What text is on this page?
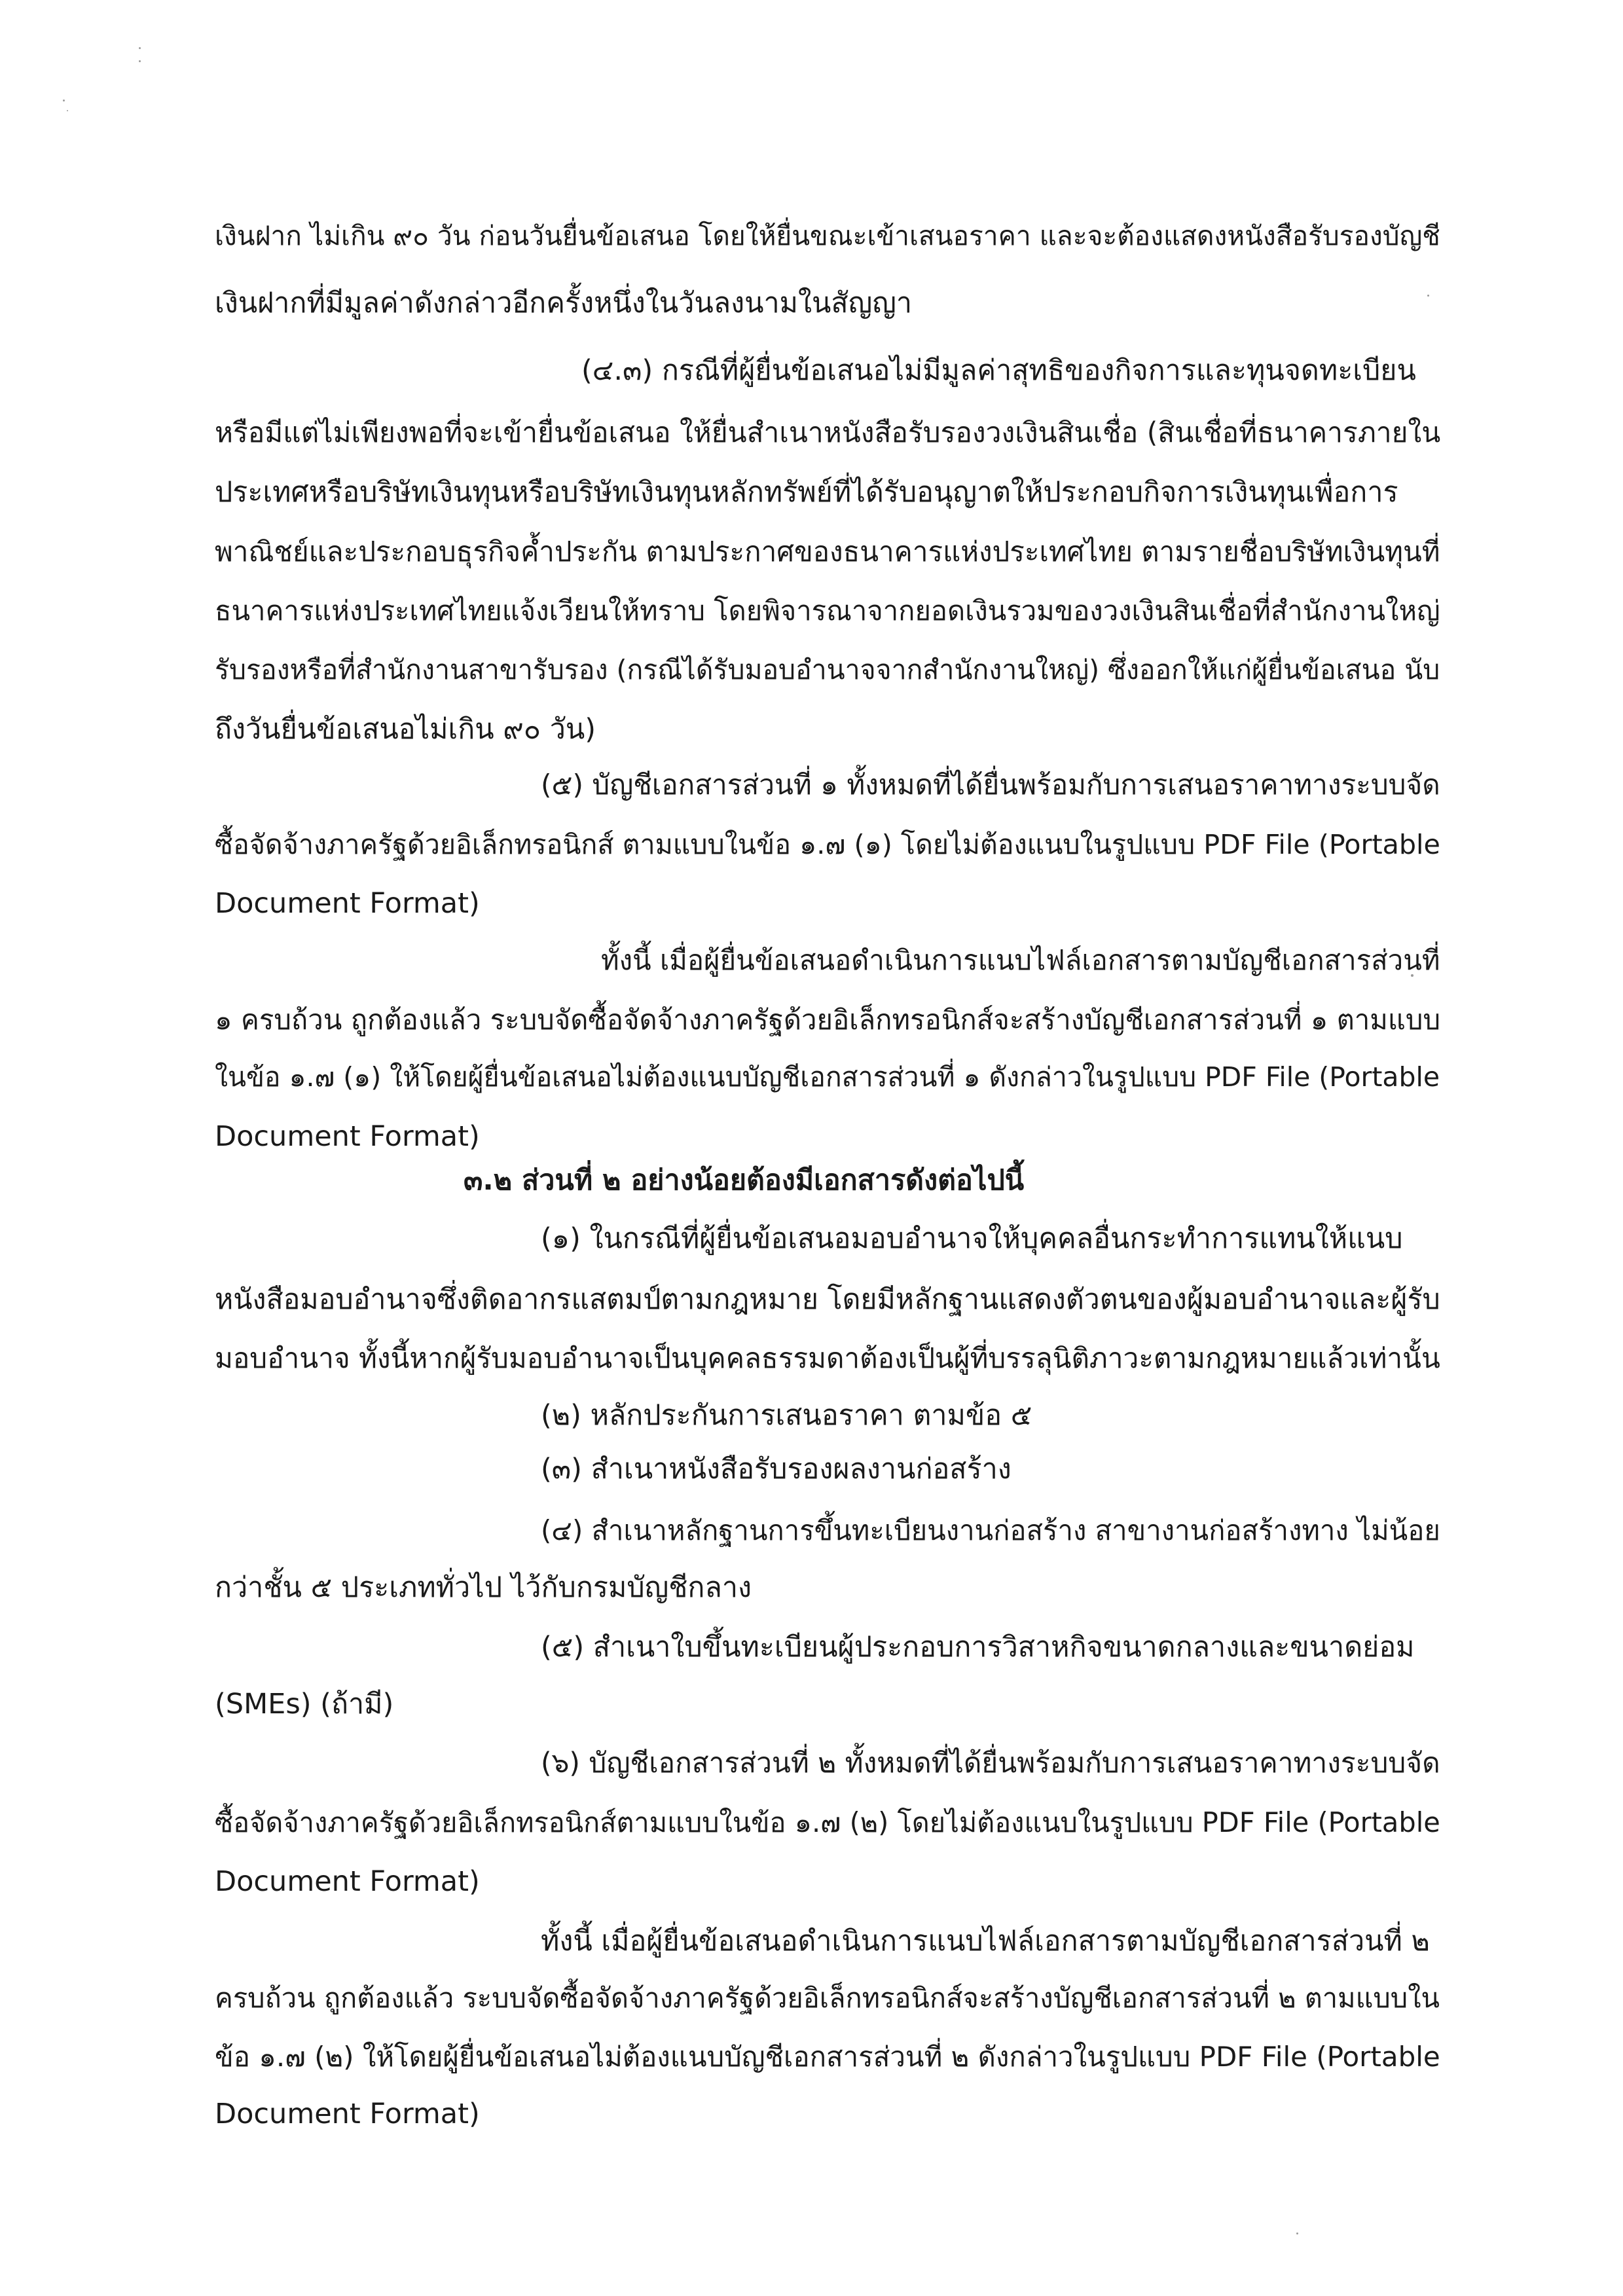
เงินฝาก ไม่เกิน ๙๐ วัน ก่อนวันยื่นข้อเสนอ โดยให้ยื่นขณะเข้าเสนอราคา และจะต้องแสดงหนังสือรับรองบัญชี
เงินฝากที่มีมูลค่าดังกล่าวอีกครั้งหนึ่งในวันลงนามในสัญญา
(๔.๓) กรณีที่ผู้ยื่นข้อเสนอไม่มีมูลค่าสุทธิของกิจการและทุนจดทะเบียน
หรือมีแต่ไม่เพียงพอที่จะเข้ายื่นข้อเสนอ ให้ยื่นสำเนาหนังสือรับรองวงเงินสินเชื่อ (สินเชื่อที่ธนาคารภายใน
ประเทศหรือบริษัทเงินทุนหรือบริษัทเงินทุนหลักทรัพย์ที่ได้รับอนุญาตให้ประกอบกิจการเงินทุนเพื่อการ
พาณิชย์และประกอบธุรกิจค้ำประกัน ตามประกาศของธนาคารแห่งประเทศไทย ตามรายชื่อบริษัทเงินทุนที่
ธนาคารแห่งประเทศไทยแจ้งเวียนให้ทราบ โดยพิจารณาจากยอดเงินรวมของวงเงินสินเชื่อที่สำนักงานใหญ่
รับรองหรือที่สำนักงานสาขารับรอง (กรณีได้รับมอบอำนาจจากสำนักงานใหญ่) ซึ่งออกให้แก่ผู้ยื่นข้อเสนอ นับ
ถึงวันยื่นข้อเสนอไม่เกิน ๙๐ วัน)
(๕) บัญชีเอกสารส่วนที่ ๑ ทั้งหมดที่ได้ยื่นพร้อมกับการเสนอราคาทางระบบจัด
ซื้อจัดจ้างภาครัฐด้วยอิเล็กทรอนิกส์ ตามแบบในข้อ ๑.๗ (๑) โดยไม่ต้องแนบในรูปแบบ PDF File (Portable
Document Format)
ทั้งนี้ เมื่อผู้ยื่นข้อเสนอดำเนินการแนบไฟล์เอกสารตามบัญชีเอกสารส่วนที่
๑ ครบถ้วน ถูกต้องแล้ว ระบบจัดซื้อจัดจ้างภาครัฐด้วยอิเล็กทรอนิกส์จะสร้างบัญชีเอกสารส่วนที่ ๑ ตามแบบ
ในข้อ ๑.๗ (๑) ให้โดยผู้ยื่นข้อเสนอไม่ต้องแนบบัญชีเอกสารส่วนที่ ๑ ดังกล่าวในรูปแบบ PDF File (Portable
Document Format)
๓.๒ ส่วนที่ ๒ อย่างน้อยต้องมีเอกสารดังต่อไปนี้
(๑) ในกรณีที่ผู้ยื่นข้อเสนอมอบอำนาจให้บุคคลอื่นกระทำการแทนให้แนบ
หนังสือมอบอำนาจซึ่งติดอากรแสตมป์ตามกฎหมาย โดยมีหลักฐานแสดงตัวตนของผู้มอบอำนาจและผู้รับ
มอบอำนาจ ทั้งนี้หากผู้รับมอบอำนาจเป็นบุคคลธรรมดาต้องเป็นผู้ที่บรรลุนิติภาวะตามกฎหมายแล้วเท่านั้น
(๒) หลักประกันการเสนอราคา ตามข้อ ๕
(๓) สำเนาหนังสือรับรองผลงานก่อสร้าง
(๔) สำเนาหลักฐานการขึ้นทะเบียนงานก่อสร้าง สาขางานก่อสร้างทาง ไม่น้อย
กว่าชั้น ๕ ประเภททั่วไป ไว้กับกรมบัญชีกลาง
(๕) สำเนาใบขึ้นทะเบียนผู้ประกอบการวิสาหกิจขนาดกลางและขนาดย่อม
(SMEs) (ถ้ามี)
(๖) บัญชีเอกสารส่วนที่ ๒ ทั้งหมดที่ได้ยื่นพร้อมกับการเสนอราคาทางระบบจัด
ซื้อจัดจ้างภาครัฐด้วยอิเล็กทรอนิกส์ตามแบบในข้อ ๑.๗ (๒) โดยไม่ต้องแนบในรูปแบบ PDF File (Portable
Document Format)
ทั้งนี้ เมื่อผู้ยื่นข้อเสนอดำเนินการแนบไฟล์เอกสารตามบัญชีเอกสารส่วนที่ ๒
ครบถ้วน ถูกต้องแล้ว ระบบจัดซื้อจัดจ้างภาครัฐด้วยอิเล็กทรอนิกส์จะสร้างบัญชีเอกสารส่วนที่ ๒ ตามแบบใน
ข้อ ๑.๗ (๒) ให้โดยผู้ยื่นข้อเสนอไม่ต้องแนบบัญชีเอกสารส่วนที่ ๒ ดังกล่าวในรูปแบบ PDF File (Portable
Document Format)
